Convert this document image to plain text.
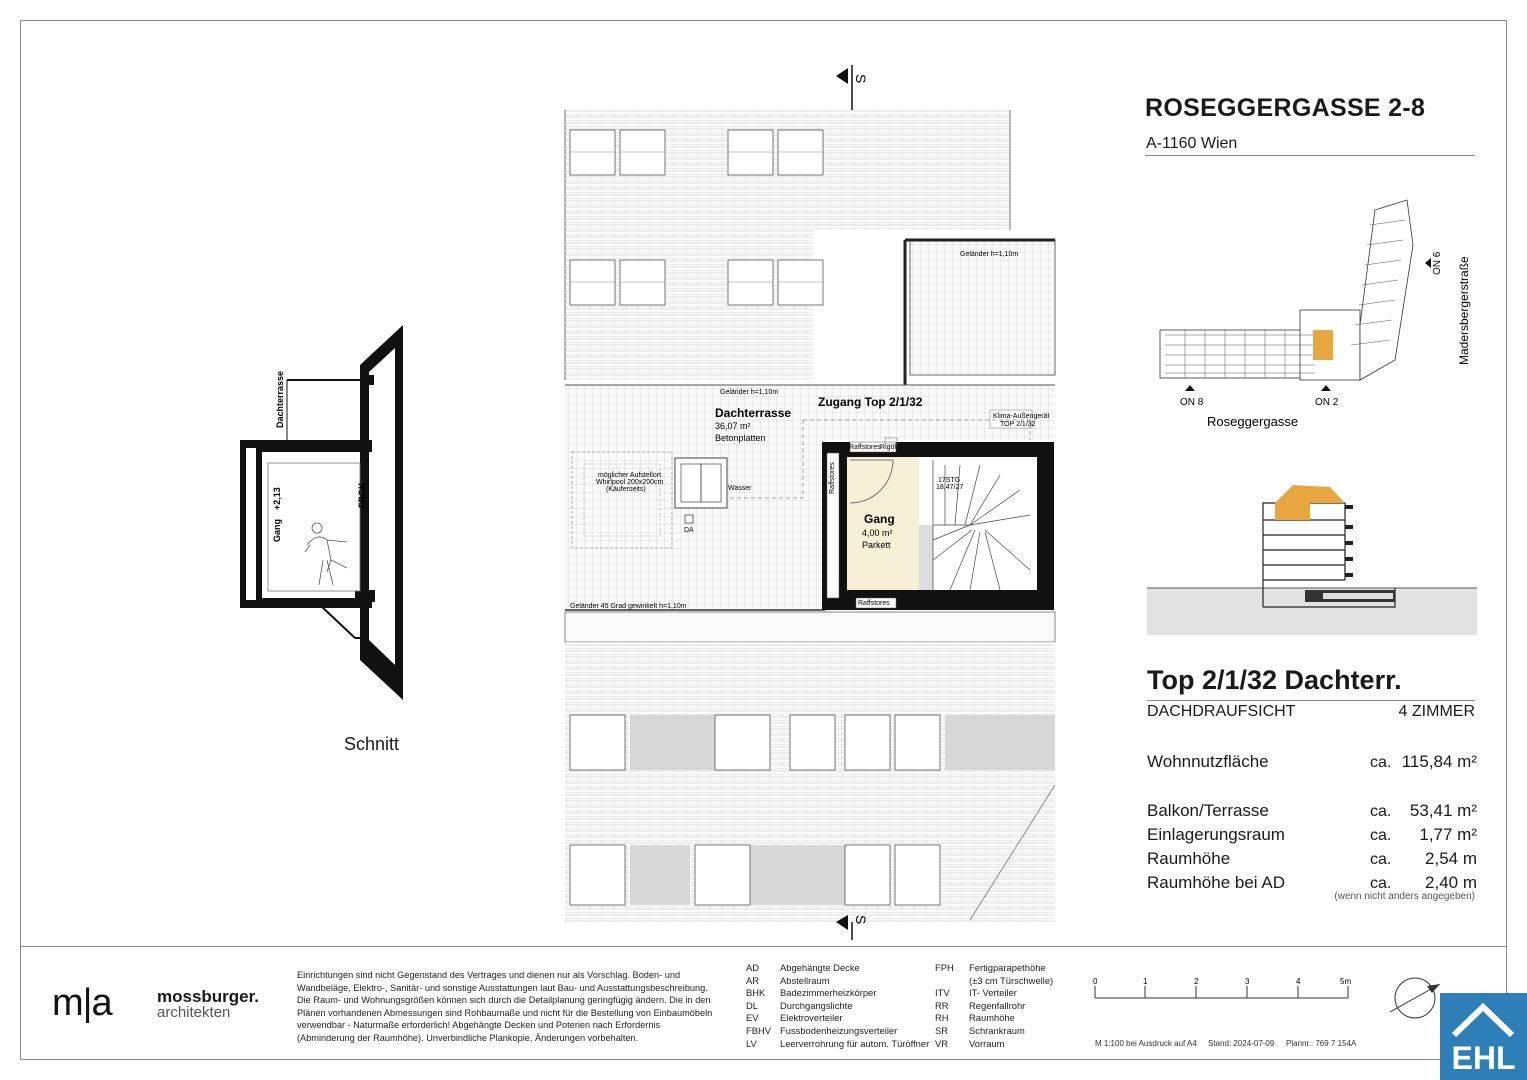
ROSEGGERGASSE 2-8
A-1160 Wien
ON 8	ON 2
ON 6
Roseggergasse
Madersbergerstraße
Top 2/1/32 Dachterr.
DACHDRAUFSICHT	4 ZIMMER
Wohnnutzfläche	ca. 115,84 m²
Balkon/Terrasse	ca. 53,41 m²
Einlagerungsraum	ca. 1,77 m²
Raumhöhe	ca. 2,54 m
Raumhöhe bei AD	ca. 2,40 m
(wenn nicht anders angegeben)
Dachterrasse
Gang
+2,13	FBOK
Schnitt
Geländer h=1,10m
Geländer h=1,10m
Dachterrasse
36,07 m²
Betonplatten
Zugang Top 2/1/32
Klima-Außengerät
TOP 2/1/32
möglicher Aufstellort
Whirlpool 200x200cm
(Käuferseits)	Wasser
DA
Raffstores Rigol
Raffstores
Raffstores
Gang
4,00 m²
Parkett
17STG
18,47/27
Geländer 45 Grad gewinkelt h=1,10m
S
S
m|a	mossburger.
architekten
Einrichtungen sind nicht Gegenstand des Vertrages und dienen nur als Vorschlag. Boden- und Wandbeläge, Elektro-, Sanitär- und sonstige Ausstattungen laut Bau- und Ausstattungsbeschreibung. Die Raum- und Wohnungsgrößen können sich durch die Detailplanung geringfügig ändern. Die in den Plänen vorhandenen Abmessungen sind Rohbaumaße und nicht für die Bestellung von Einbaumöbeln verwendbar - Naturmaße erforderlich! Abgehängte Decken und Poterien nach Erfordernis (Abminderung der Raumhöhe). Unverbindliche Plankopie, Änderungen vorbehalten.
AD	Abgehängte Decke
AR	Abstellraum
BHK	Badezimmerheizkörper
DL	Durchgangslichte
EV	Elektroverteiler
FBHV Fussbodenheizungsverteiler
LV	Leerverrohrung für autom. Türöffner
FPH	Fertigparapethöhe
(±3 cm Türschwelle)
ITV	IT- Verteiler
RR	Regenfallrohr
RH	Raumhöhe
SR	Schrankraum
VR	Vorraum
0	1	2	3	4	5m
M 1:100 bei Ausdruck auf A4 Stand: 2024-07-09 Plannr.: 769 7 154A	EHL
